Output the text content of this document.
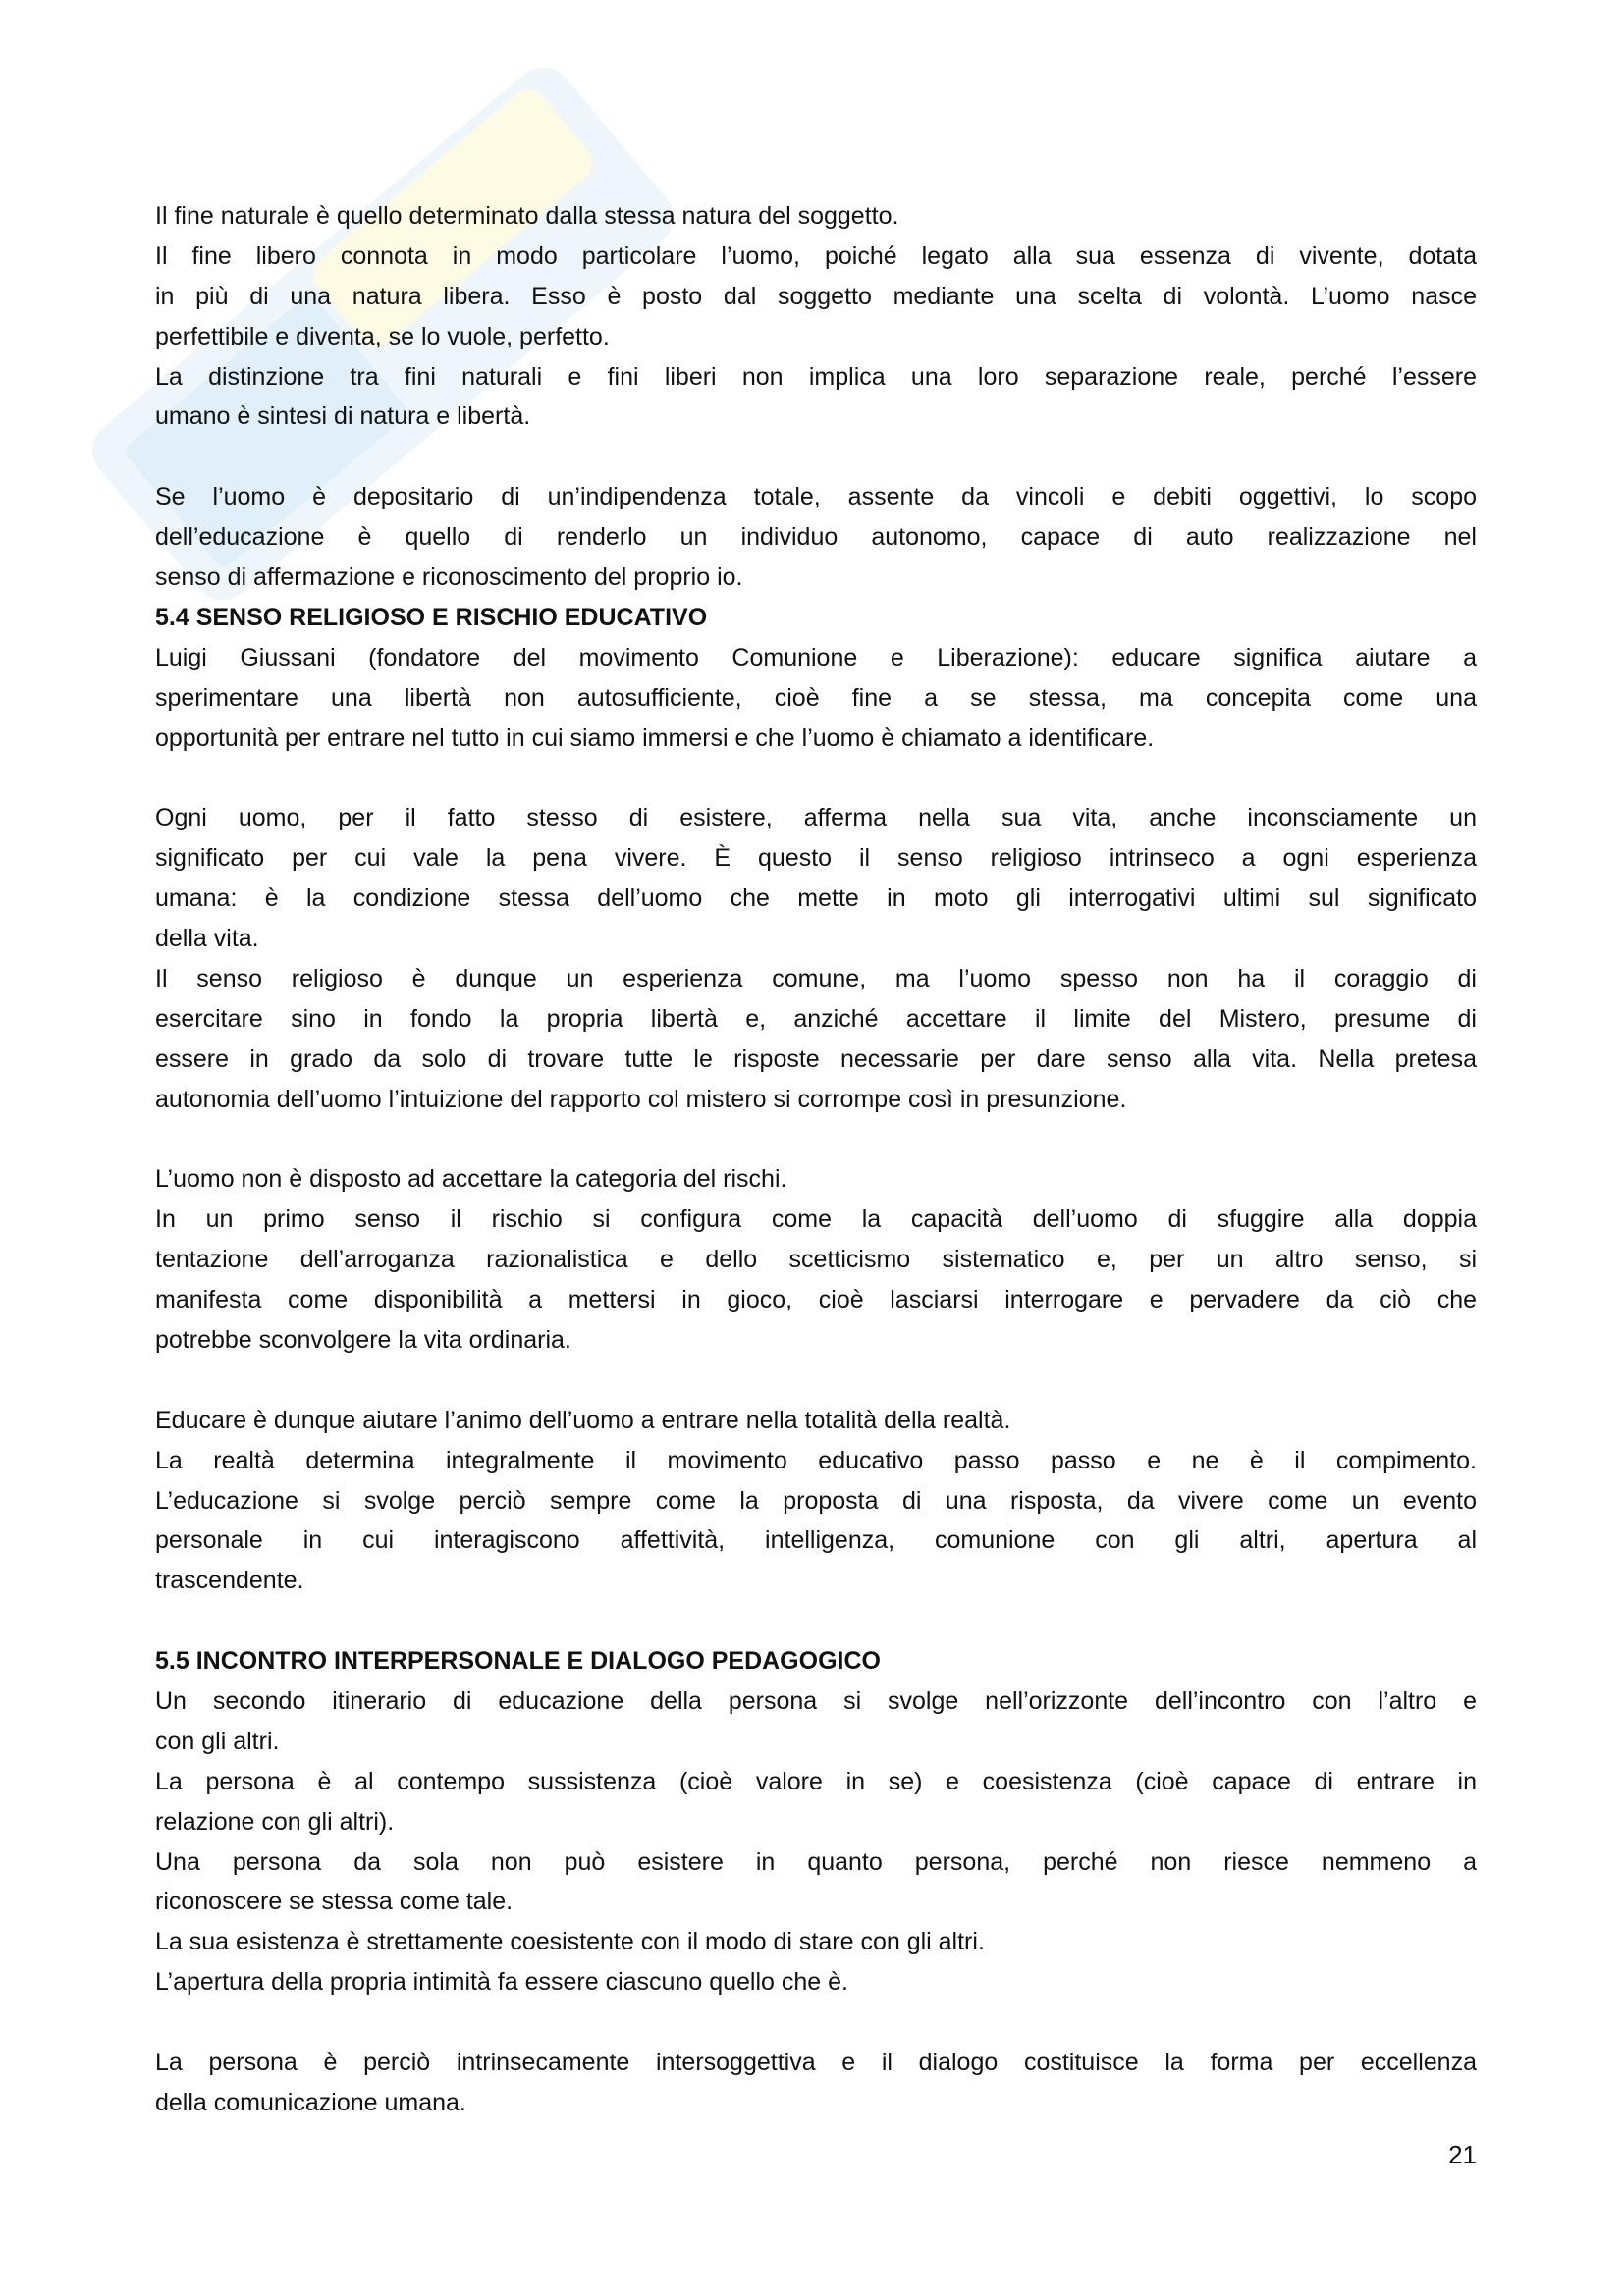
Il fine naturale è quello determinato dalla stessa natura del soggetto.
Il fine libero connota in modo particolare l’uomo, poiché legato alla sua essenza di vivente, dotata
in più di una natura libera. Esso è posto dal soggetto mediante una scelta di volontà. L’uomo nasce
perfettibile e diventa, se lo vuole, perfetto.
La distinzione tra fini naturali e fini liberi non implica una loro separazione reale, perché l’essere
umano è sintesi di natura e libertà.
Se l’uomo è depositario di un’indipendenza totale, assente da vincoli e debiti oggettivi, lo scopo
dell’educazione è quello di renderlo un individuo autonomo, capace di auto realizzazione nel
senso di affermazione e riconoscimento del proprio io.
5.4 SENSO RELIGIOSO E RISCHIO EDUCATIVO
Luigi Giussani (fondatore del movimento Comunione e Liberazione): educare significa aiutare a
sperimentare una libertà non autosufficiente, cioè fine a se stessa, ma concepita come una
opportunità per entrare nel tutto in cui siamo immersi e che l’uomo è chiamato a identificare.
Ogni uomo, per il fatto stesso di esistere, afferma nella sua vita, anche inconsciamente un
significato per cui vale la pena vivere. È questo il senso religioso intrinseco a ogni esperienza
umana: è la condizione stessa dell’uomo che mette in moto gli interrogativi ultimi sul significato
della vita.
Il senso religioso è dunque un esperienza comune, ma l’uomo spesso non ha il coraggio di
esercitare sino in fondo la propria libertà e, anziché accettare il limite del Mistero, presume di
essere in grado da solo di trovare tutte le risposte necessarie per dare senso alla vita. Nella pretesa
autonomia dell’uomo l’intuizione del rapporto col mistero si corrompe così in presunzione.
L’uomo non è disposto ad accettare la categoria del rischi.
In un primo senso il rischio si configura come la capacità dell’uomo di sfuggire alla doppia
tentazione dell’arroganza razionalistica e dello scetticismo sistematico e, per un altro senso, si
manifesta come disponibilità a mettersi in gioco, cioè lasciarsi interrogare e pervadere da ciò che
potrebbe sconvolgere la vita ordinaria.
Educare è dunque aiutare l’animo dell’uomo a entrare nella totalità della realtà.
La realtà determina integralmente il movimento educativo passo passo e ne è il compimento.
L’educazione si svolge perciò sempre come la proposta di una risposta, da vivere come un evento
personale in cui interagiscono affettività, intelligenza, comunione con gli altri, apertura al
trascendente.
5.5 INCONTRO INTERPERSONALE E DIALOGO PEDAGOGICO
Un secondo itinerario di educazione della persona si svolge nell’orizzonte dell’incontro con l’altro e
con gli altri.
La persona è al contempo sussistenza (cioè valore in se) e coesistenza (cioè capace di entrare in
relazione con gli altri).
Una persona da sola non può esistere in quanto persona, perché non riesce nemmeno a
riconoscere se stessa come tale.
La sua esistenza è strettamente coesistente con il modo di stare con gli altri.
L’apertura della propria intimità fa essere ciascuno quello che è.
La persona è perciò intrinsecamente intersoggettiva e il dialogo costituisce la forma per eccellenza
della comunicazione umana.
21
